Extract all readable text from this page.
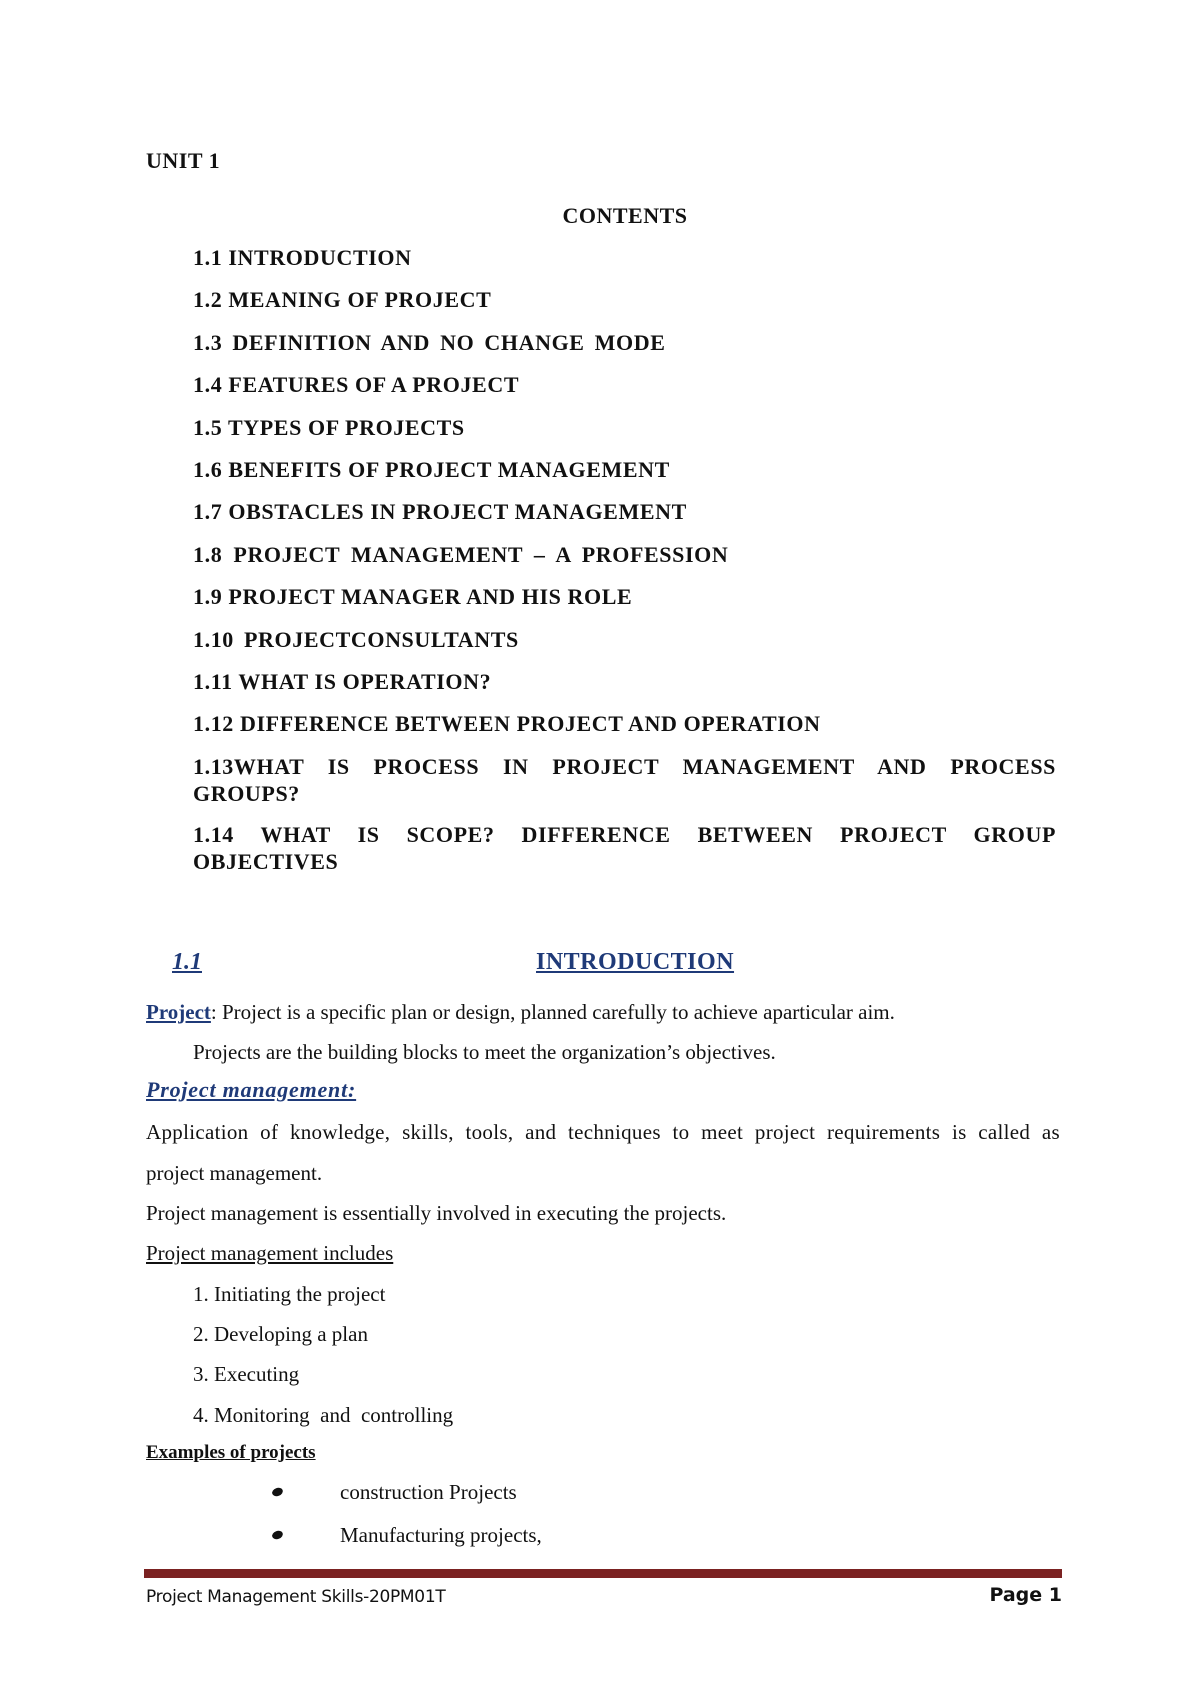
UNIT 1
CONTENTS
1.1 INTRODUCTION
1.2 MEANING OF PROJECT
1.3 DEFINITION AND NO CHANGE MODE
1.4 FEATURES OF A PROJECT
1.5 TYPES OF PROJECTS
1.6 BENEFITS OF PROJECT MANAGEMENT
1.7 OBSTACLES IN PROJECT MANAGEMENT
1.8 PROJECT MANAGEMENT – A PROFESSION
1.9 PROJECT MANAGER AND HIS ROLE
1.10 PROJECTCONSULTANTS
1.11 WHAT IS OPERATION?
1.12 DIFFERENCE BETWEEN PROJECT AND OPERATION
1.13WHAT IS PROCESS IN PROJECT MANAGEMENT AND PROCESS GROUPS?
1.14 WHAT IS SCOPE? DIFFERENCE BETWEEN PROJECT GROUP OBJECTIVES
1.1	INTRODUCTION
Project: Project is a specific plan or design, planned carefully to achieve aparticular aim.
Projects are the building blocks to meet the organization’s objectives.
Project management:
Application of knowledge, skills, tools, and techniques to meet project requirements is called as
project management.
Project management is essentially involved in executing the projects.
Project management includes
1. Initiating the project
2. Developing a plan
3. Executing
4. Monitoring  and  controlling
Examples of projects
construction Projects
Manufacturing projects,
Project Management Skills-20PM01T	Page 1
